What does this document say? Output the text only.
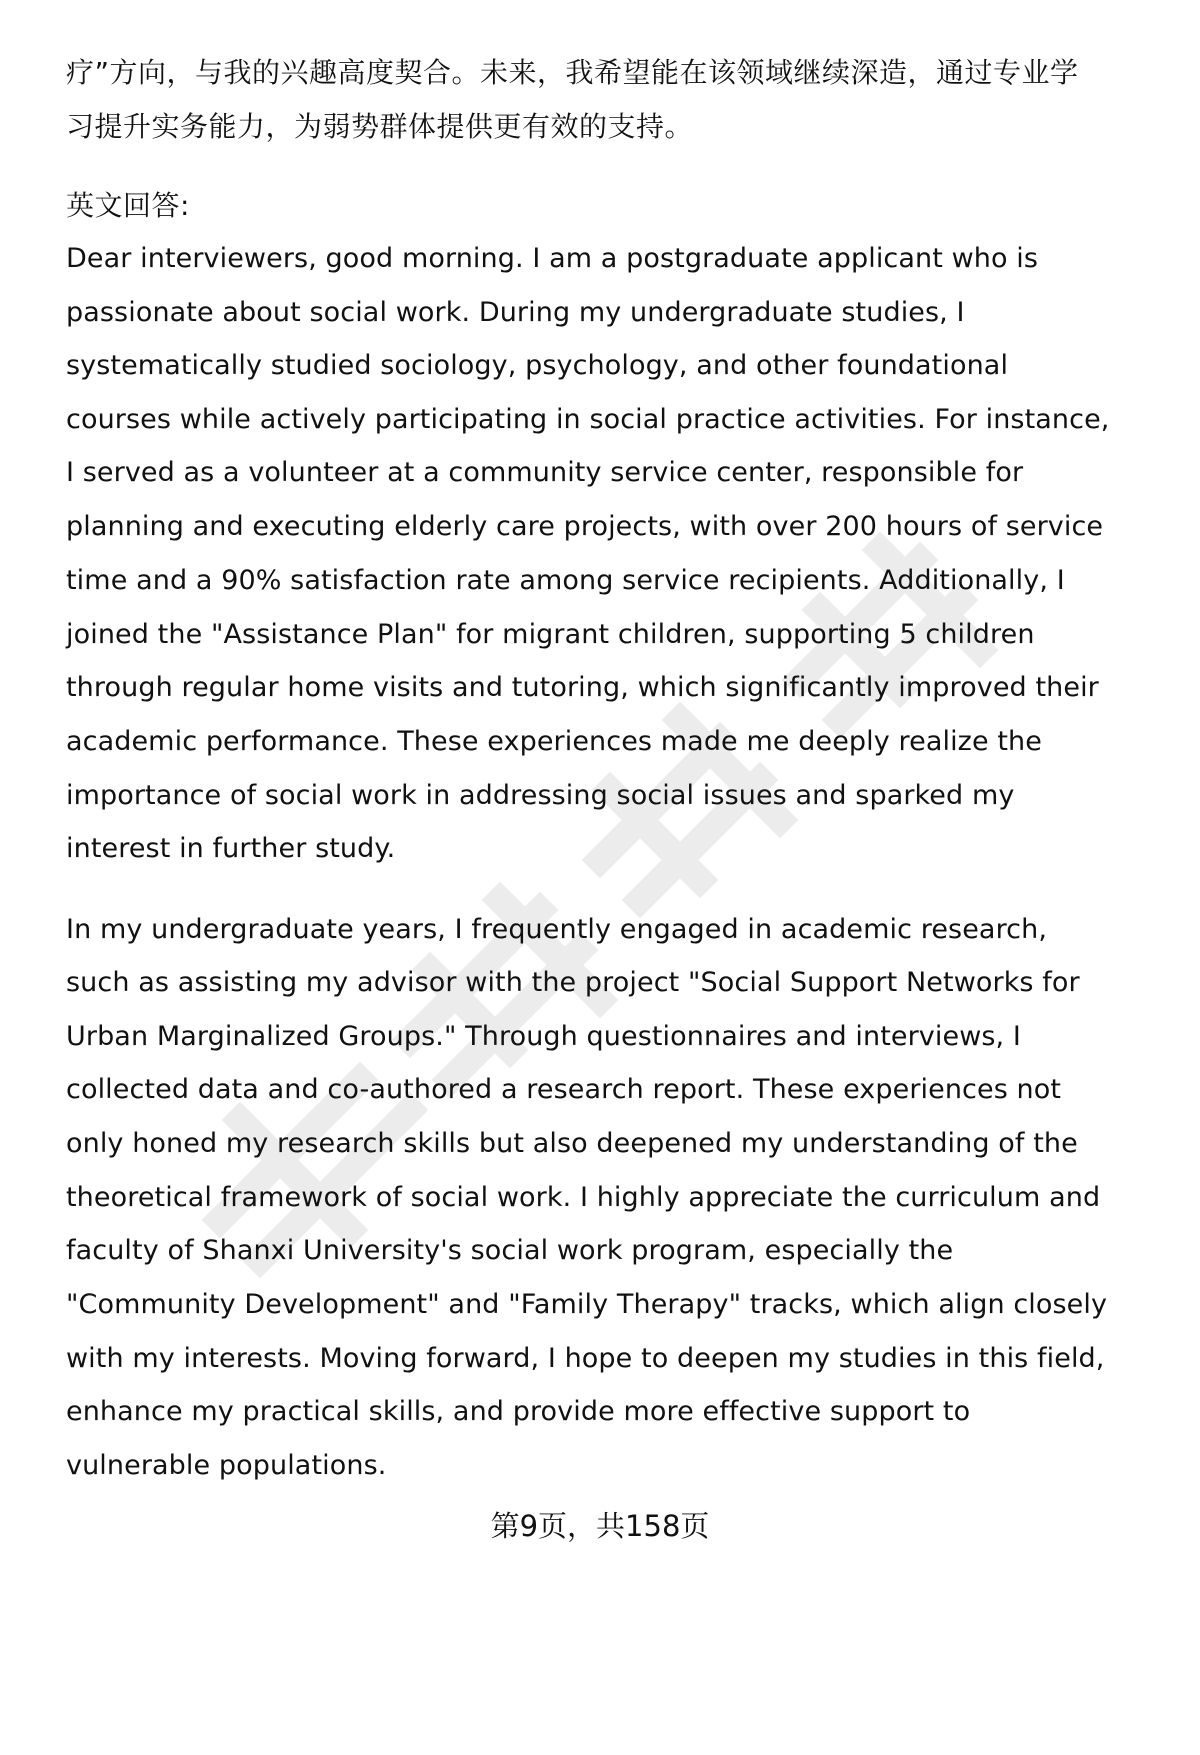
疗”方向，与我的兴趣高度契合。未来，我希望能在该领域继续深造，通过专业学
习提升实务能力，为弱势群体提供更有效的支持。
英文回答:
Dear interviewers, good morning. I am a postgraduate applicant who is
passionate about social work. During my undergraduate studies, I
systematically studied sociology, psychology, and other foundational
courses while actively participating in social practice activities. For instance,
I served as a volunteer at a community service center, responsible for
planning and executing elderly care projects, with over 200 hours of service
time and a 90% satisfaction rate among service recipients. Additionally, I
joined the "Assistance Plan" for migrant children, supporting 5 children
through regular home visits and tutoring, which significantly improved their
academic performance. These experiences made me deeply realize the
importance of social work in addressing social issues and sparked my
interest in further study.
In my undergraduate years, I frequently engaged in academic research,
such as assisting my advisor with the project "Social Support Networks for
Urban Marginalized Groups." Through questionnaires and interviews, I
collected data and co-authored a research report. These experiences not
only honed my research skills but also deepened my understanding of the
theoretical framework of social work. I highly appreciate the curriculum and
faculty of Shanxi University's social work program, especially the
"Community Development" and "Family Therapy" tracks, which align closely
with my interests. Moving forward, I hope to deepen my studies in this field,
enhance my practical skills, and provide more effective support to
vulnerable populations.
第9页，共158页
